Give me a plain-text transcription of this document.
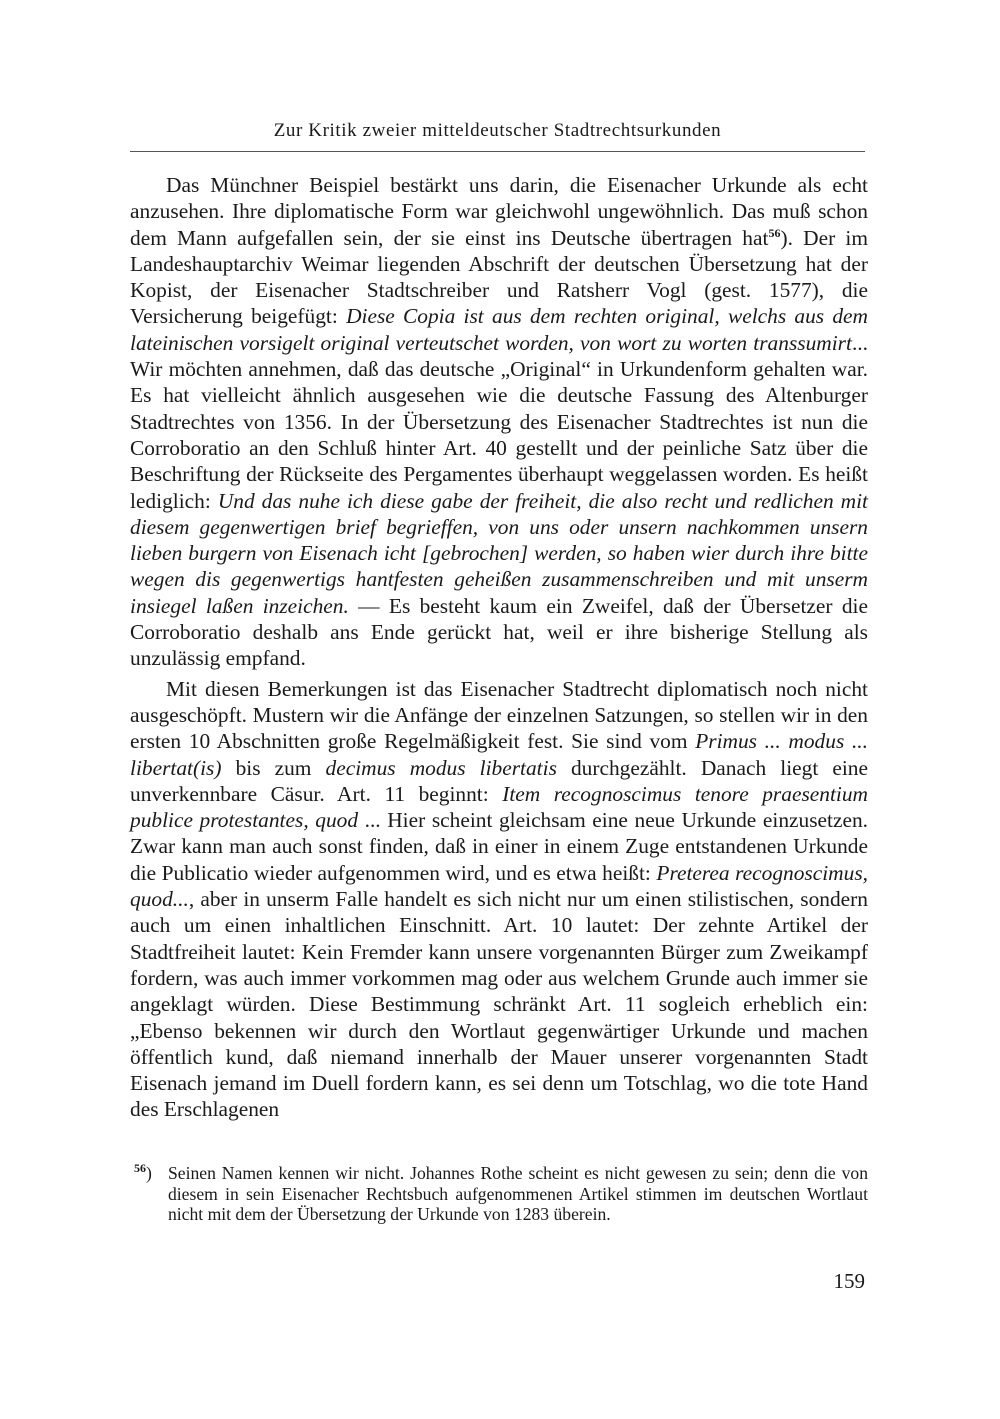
Zur Kritik zweier mitteldeutscher Stadtrechtsurkunden

Das Münchner Beispiel bestärkt uns darin, die Eisenacher Urkunde als echt anzusehen. Ihre diplomatische Form war gleichwohl ungewöhnlich. Das muß schon dem Mann aufgefallen sein, der sie einst ins Deutsche übertragen hat$^{56}$). Der im Landeshauptarchiv Weimar liegenden Abschrift der deutschen Übersetzung hat der Kopist, der Eisenacher Stadtschreiber und Ratsherr Vogl (gest. 1577), die Versicherung beigefügt: Diese Copia ist aus dem rechten original, welchs aus dem lateinischen vorsigelt original verteutschet worden, von wort zu worten transsumirt... Wir möchten annehmen, daß das deutsche „Original“ in Urkundenform gehalten war. Es hat vielleicht ähnlich ausgesehen wie die deutsche Fassung des Altenburger Stadtrechtes von 1356. In der Übersetzung des Eisenacher Stadtrechtes ist nun die Corroboratio an den Schluß hinter Art. 40 gestellt und der peinliche Satz über die Beschriftung der Rückseite des Pergamentes überhaupt weggelassen worden. Es heißt lediglich: Und das nuhe ich diese gabe der freiheit, die also recht und redlichen mit diesem gegenwertigen brief begrieffen, von uns oder unsern nachkommen unsern lieben burgern von Eisenach icht [gebrochen] werden, so haben wier durch ihre bitte wegen dis gegenwertigs hantfesten geheißen zusammenschreiben und mit unserm insiegel laßen inzeichen. — Es besteht kaum ein Zweifel, daß der Übersetzer die Corroboratio deshalb ans Ende gerückt hat, weil er ihre bisherige Stellung als unzulässig empfand.

Mit diesen Bemerkungen ist das Eisenacher Stadtrecht diplomatisch noch nicht ausgeschöpft. Mustern wir die Anfänge der einzelnen Satzungen, so stellen wir in den ersten 10 Abschnitten große Regelmäßigkeit fest. Sie sind vom Primus ... modus ... libertat(is) bis zum decimus modus libertatis durchgezählt. Danach liegt eine unverkennbare Cäsur. Art. 11 beginnt: Item recognoscimus tenore praesentium publice protestantes, quod ... Hier scheint gleichsam eine neue Urkunde einzusetzen. Zwar kann man auch sonst finden, daß in einer in einem Zuge entstandenen Urkunde die Publicatio wieder aufgenommen wird, und es etwa heißt: Preterea recognoscimus, quod..., aber in unserm Falle handelt es sich nicht nur um einen stilistischen, sondern auch um einen inhaltlichen Einschnitt. Art. 10 lautet: Der zehnte Artikel der Stadtfreiheit lautet: Kein Fremder kann unsere vorgenannten Bürger zum Zweikampf fordern, was auch immer vorkommen mag oder aus welchem Grunde auch immer sie angeklagt würden. Diese Bestimmung schränkt Art. 11 sogleich erheblich ein: „Ebenso bekennen wir durch den Wortlaut gegenwärtiger Urkunde und machen öffentlich kund, daß niemand innerhalb der Mauer unserer vorgenannten Stadt Eisenach jemand im Duell fordern kann, es sei denn um Totschlag, wo die tote Hand des Erschlagenen

$^{56}$) Seinen Namen kennen wir nicht. Johannes Rothe scheint es nicht gewesen zu sein; denn die von diesem in sein Eisenacher Rechtsbuch aufgenommenen Artikel stimmen im deutschen Wortlaut nicht mit dem der Übersetzung der Urkunde von 1283 überein.
159
